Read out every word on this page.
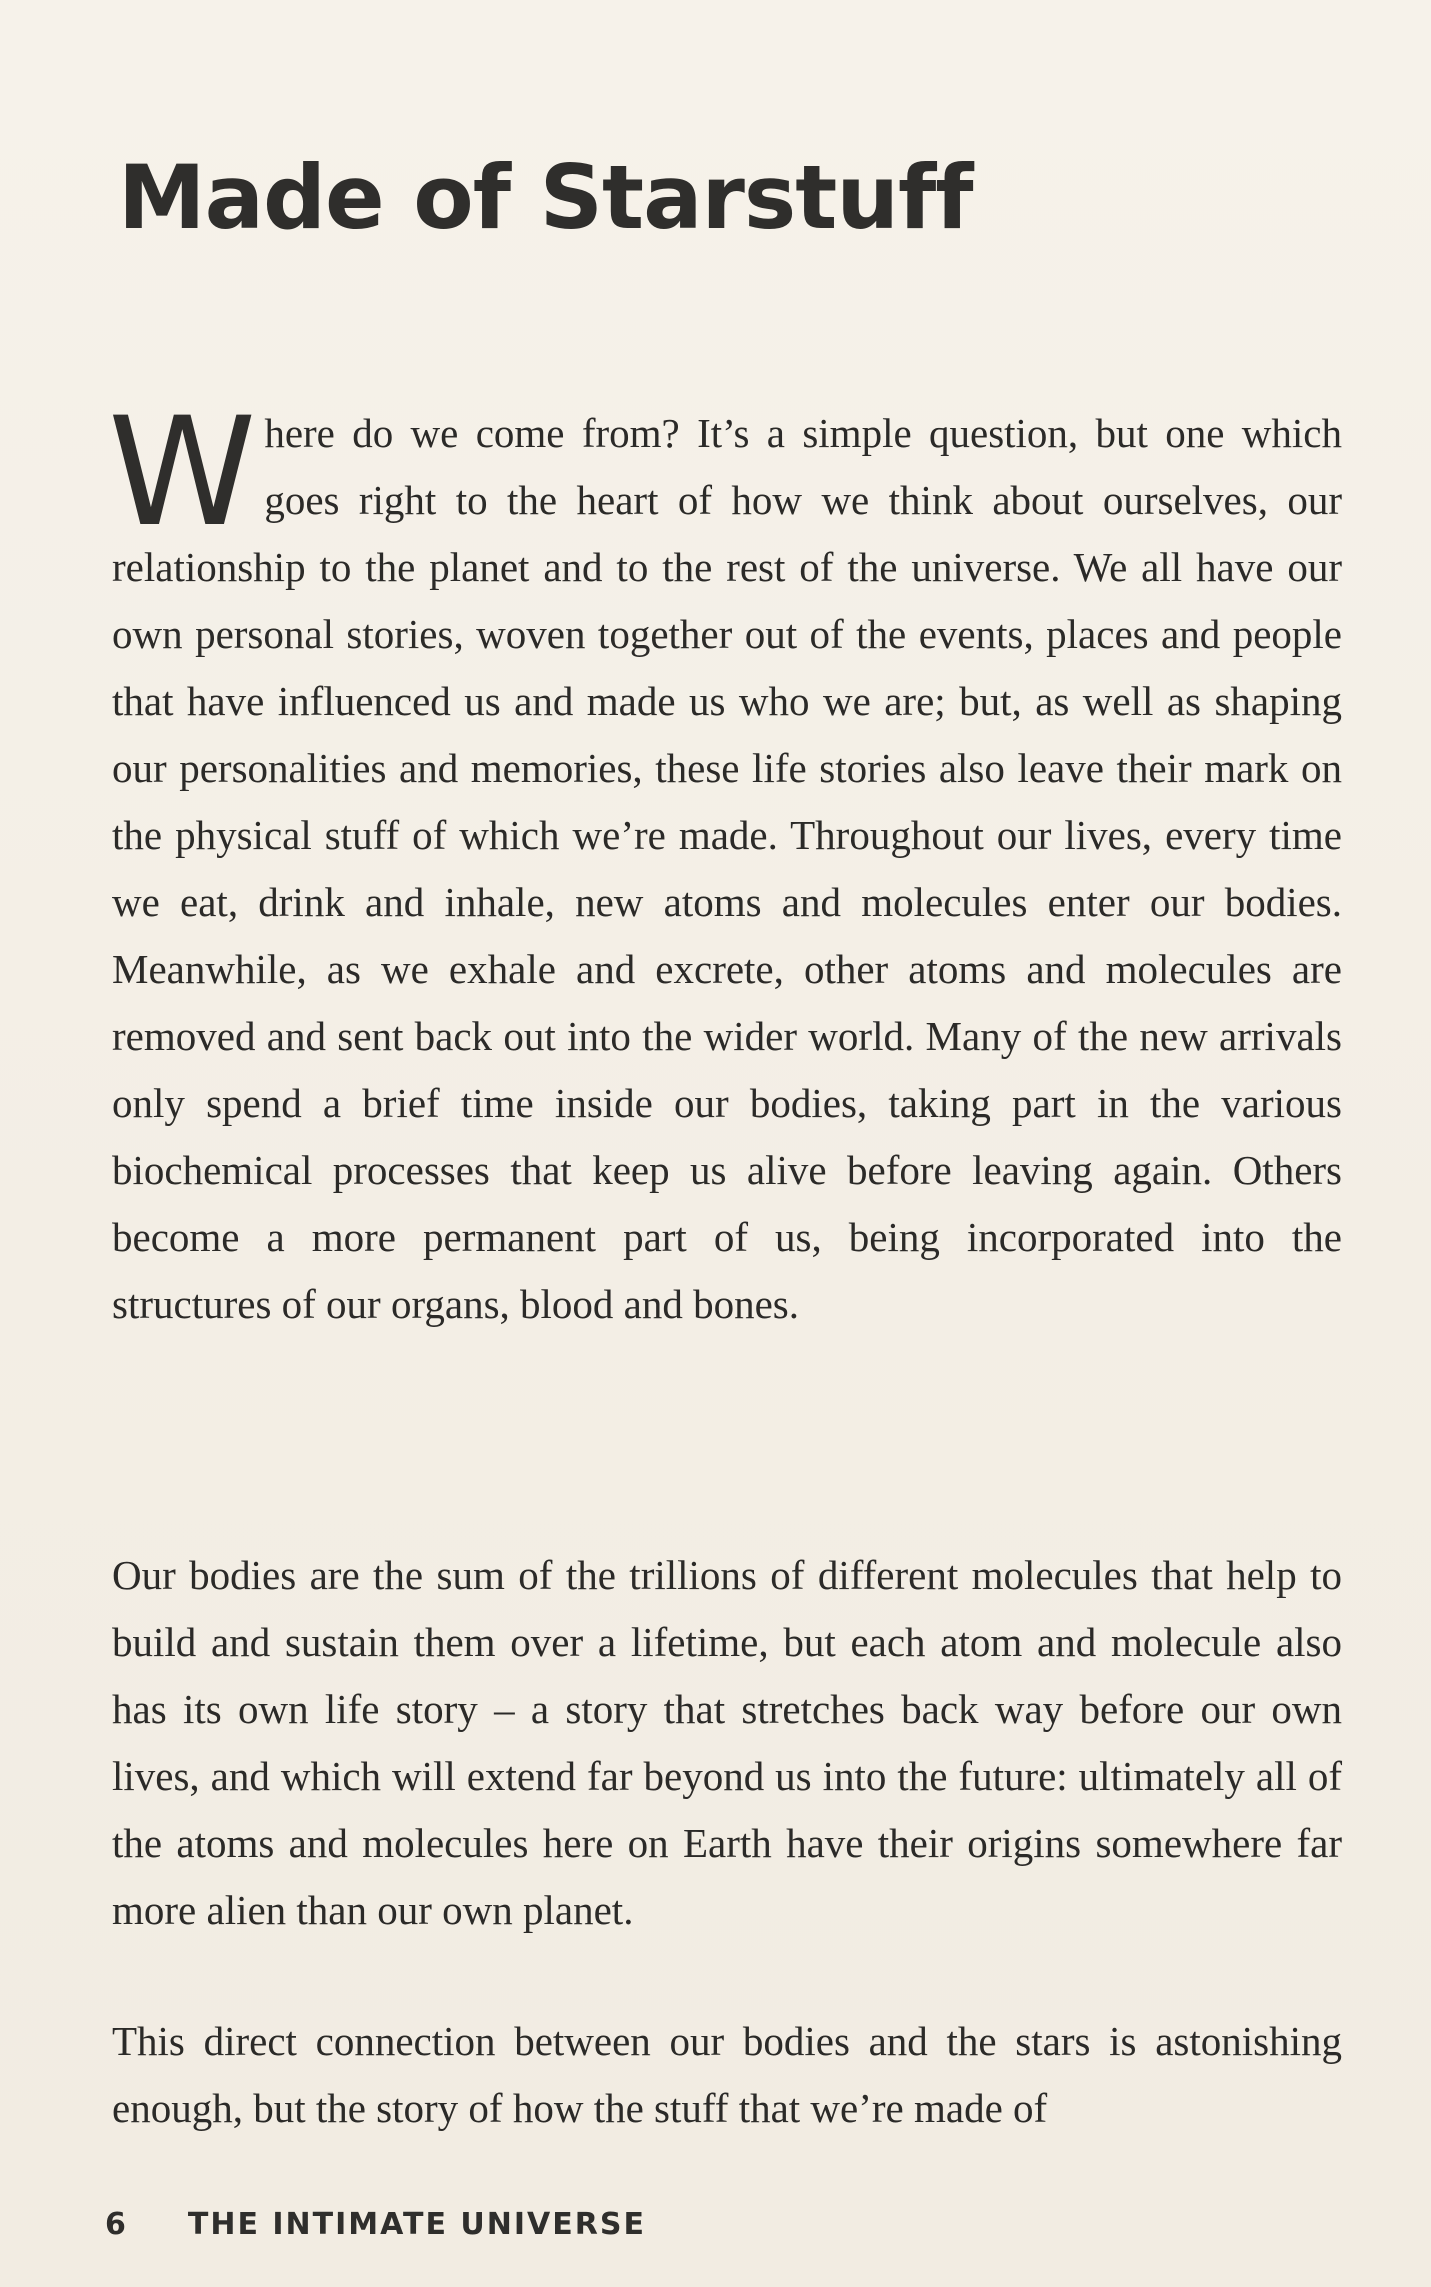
Made of Starstuff

Where do we come from? It’s a simple question, but one which goes right to the heart of how we think about ourselves, our relationship to the planet and to the rest of the universe. We all have our own personal stories, woven together out of the events, places and people that have influenced us and made us who we are; but, as well as shaping our personalities and memories, these life stories also leave their mark on the physical stuff of which we’re made. Throughout our lives, every time we eat, drink and inhale, new atoms and molecules enter our bodies. Meanwhile, as we exhale and excrete, other atoms and molecules are removed and sent back out into the wider world. Many of the new arrivals only spend a brief time inside our bodies, taking part in the various biochemical processes that keep us alive before leaving again. Others become a more permanent part of us, being incorporated into the structures of our organs, blood and bones.

Our bodies are the sum of the trillions of different molecules that help to build and sustain them over a lifetime, but each atom and molecule also has its own life story – a story that stretches back way before our own lives, and which will extend far beyond us into the future: ultimately all of the atoms and molecules here on Earth have their origins somewhere far more alien than our own planet.

This direct connection between our bodies and the stars is astonishing enough, but the story of how the stuff that we’re made of

6 THE INTIMATE UNIVERSE
